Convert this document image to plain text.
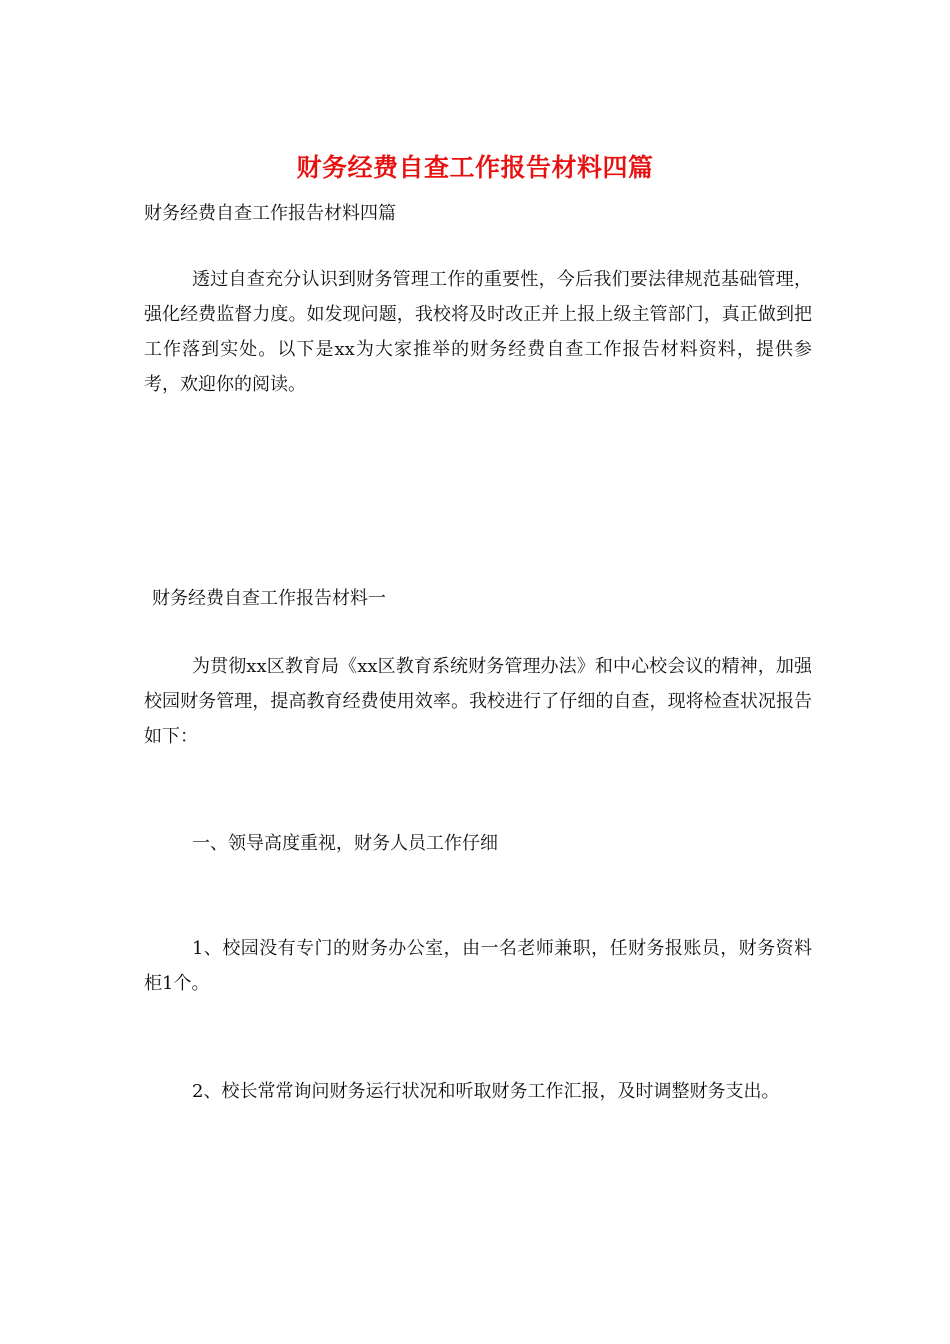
财务经费自查工作报告材料四篇
财务经费自查工作报告材料四篇

透过自查充分认识到财务管理工作的重要性，今后我们要法律规范基础管理，强化经费监督力度。如发现问题，我校将及时改正并上报上级主管部门，真正做到把工作落到实处。以下是xx为大家推举的财务经费自查工作报告材料资料，提供参考，欢迎你的阅读。

财务经费自查工作报告材料一

为贯彻xx区教育局《xx区教育系统财务管理办法》和中心校会议的精神，加强校园财务管理，提高教育经费使用效率。我校进行了仔细的自查，现将检查状况报告如下：

一、领导高度重视，财务人员工作仔细

1、校园没有专门的财务办公室，由一名老师兼职，任财务报账员，财务资料柜1个。

2、校长常常询问财务运行状况和听取财务工作汇报，及时调整财务支出。
